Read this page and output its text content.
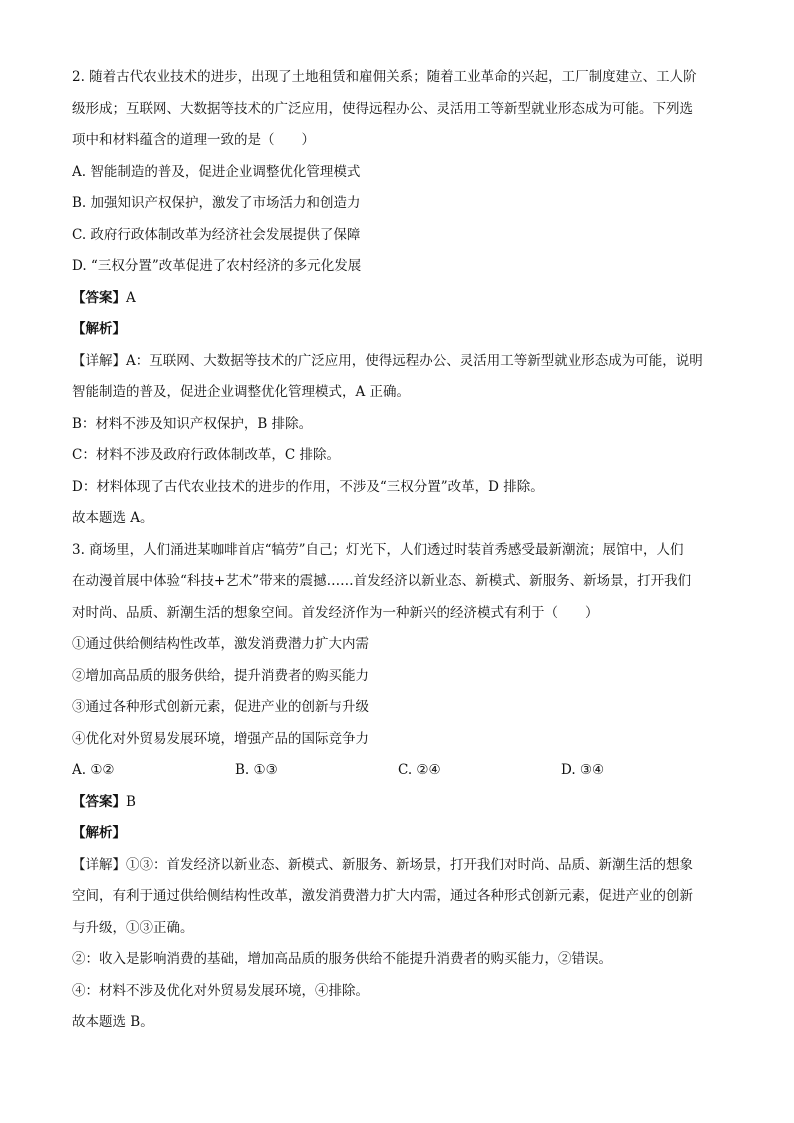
2. 随着古代农业技术的进步，出现了土地租赁和雇佣关系；随着工业革命的兴起，工厂制度建立、工人阶
级形成；互联网、大数据等技术的广泛应用，使得远程办公、灵活用工等新型就业形态成为可能。下列选
项中和材料蕴含的道理一致的是（　　）
A. 智能制造的普及，促进企业调整优化管理模式
B. 加强知识产权保护，激发了市场活力和创造力
C. 政府行政体制改革为经济社会发展提供了保障
D. “三权分置”改革促进了农村经济的多元化发展
【答案】A
【解析】
【详解】A：互联网、大数据等技术的广泛应用，使得远程办公、灵活用工等新型就业形态成为可能，说明
智能制造的普及，促进企业调整优化管理模式，A 正确。
B：材料不涉及知识产权保护，B 排除。
C：材料不涉及政府行政体制改革，C 排除。
D：材料体现了古代农业技术的进步的作用，不涉及“三权分置”改革，D 排除。
故本题选 A。
3. 商场里，人们涌进某咖啡首店“犒劳”自己；灯光下，人们透过时装首秀感受最新潮流；展馆中，人们
在动漫首展中体验“科技+艺术”带来的震撼……首发经济以新业态、新模式、新服务、新场景，打开我们
对时尚、品质、新潮生活的想象空间。首发经济作为一种新兴的经济模式有利于（　　）
①通过供给侧结构性改革，激发消费潜力扩大内需
②增加高品质的服务供给，提升消费者的购买能力
③通过各种形式创新元素，促进产业的创新与升级
④优化对外贸易发展环境，增强产品的国际竞争力
A. ①②	B. ①③	C. ②④	D. ③④
【答案】B
【解析】
【详解】①③：首发经济以新业态、新模式、新服务、新场景，打开我们对时尚、品质、新潮生活的想象
空间，有利于通过供给侧结构性改革，激发消费潜力扩大内需，通过各种形式创新元素，促进产业的创新
与升级，①③正确。
②：收入是影响消费的基础，增加高品质的服务供给不能提升消费者的购买能力，②错误。
④：材料不涉及优化对外贸易发展环境，④排除。
故本题选 B。
